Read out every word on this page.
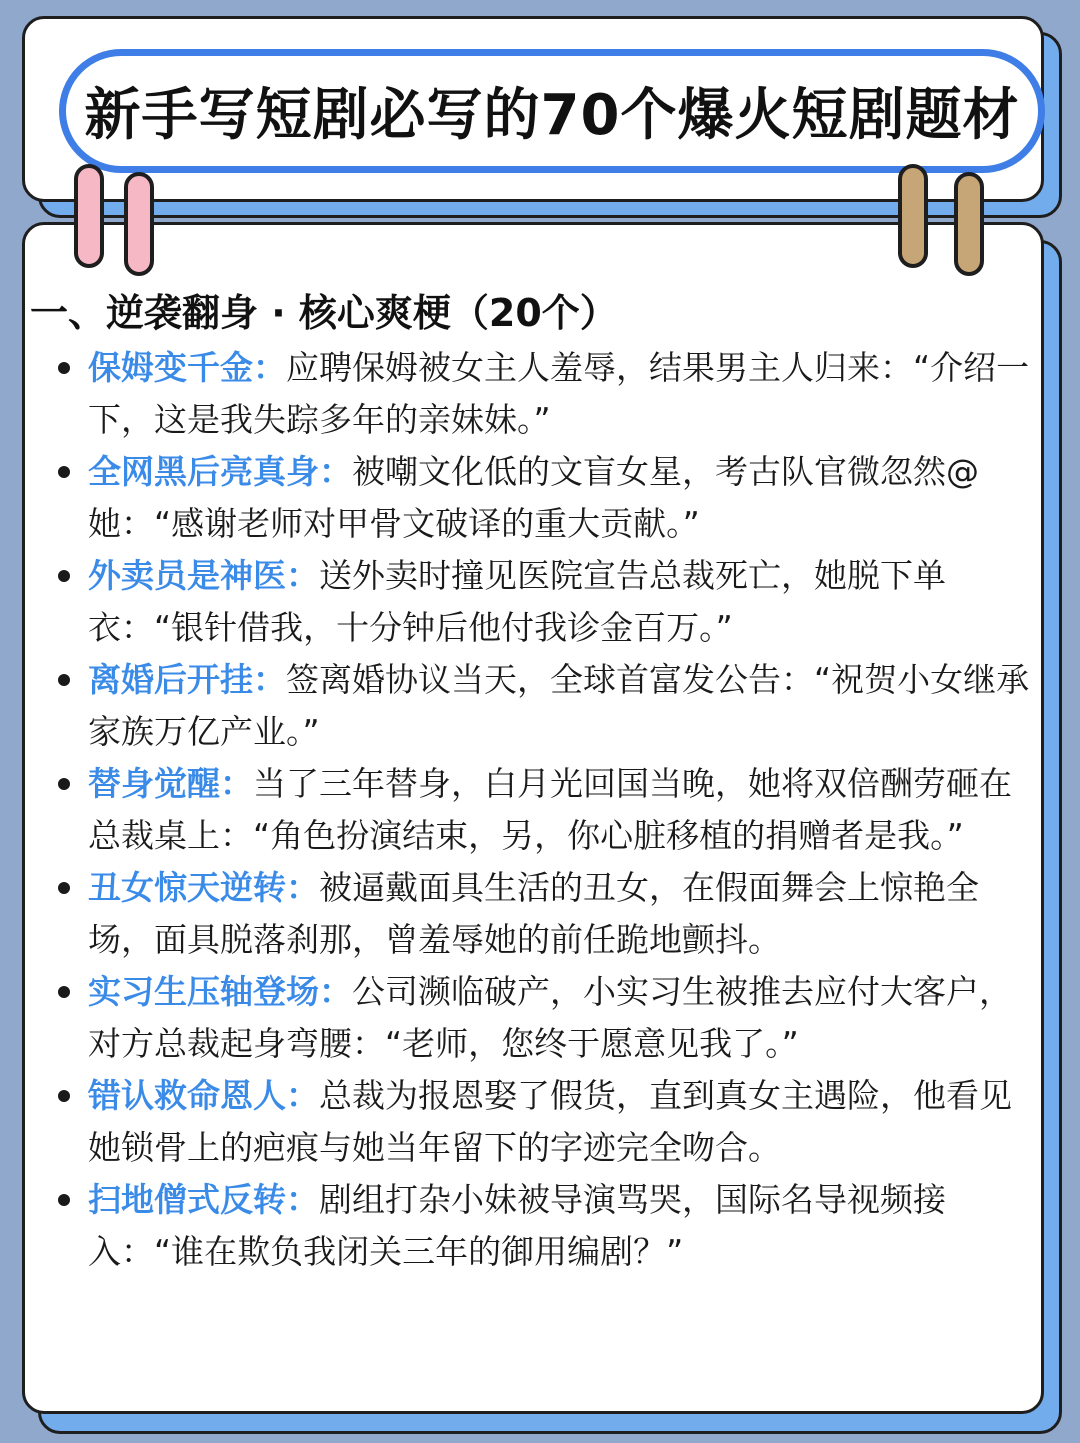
新手写短剧必写的70个爆火短剧题材
一、逆袭翻身 · 核心爽梗（20个）
保姆变千金：应聘保姆被女主人羞辱，结果男主人归来：“介绍一下，这是我失踪多年的亲妹妹。”
全网黑后亮真身：被嘲文化低的文盲女星，考古队官微忽然@她：“感谢老师对甲骨文破译的重大贡献。”
外卖员是神医：送外卖时撞见医院宣告总裁死亡，她脱下单衣：“银针借我，十分钟后他付我诊金百万。”
离婚后开挂：签离婚协议当天，全球首富发公告：“祝贺小女继承家族万亿产业。”
替身觉醒：当了三年替身，白月光回国当晚，她将双倍酬劳砸在总裁桌上：“角色扮演结束，另，你心脏移植的捐赠者是我。”
丑女惊天逆转：被逼戴面具生活的丑女，在假面舞会上惊艳全场，面具脱落刹那，曾羞辱她的前任跪地颤抖。
实习生压轴登场：公司濒临破产，小实习生被推去应付大客户，对方总裁起身弯腰：“老师，您终于愿意见我了。”
错认救命恩人：总裁为报恩娶了假货，直到真女主遇险，他看见她锁骨上的疤痕与她当年留下的字迹完全吻合。
扫地僧式反转：剧组打杂小妹被导演骂哭，国际名导视频接入：“谁在欺负我闭关三年的御用编剧？”
